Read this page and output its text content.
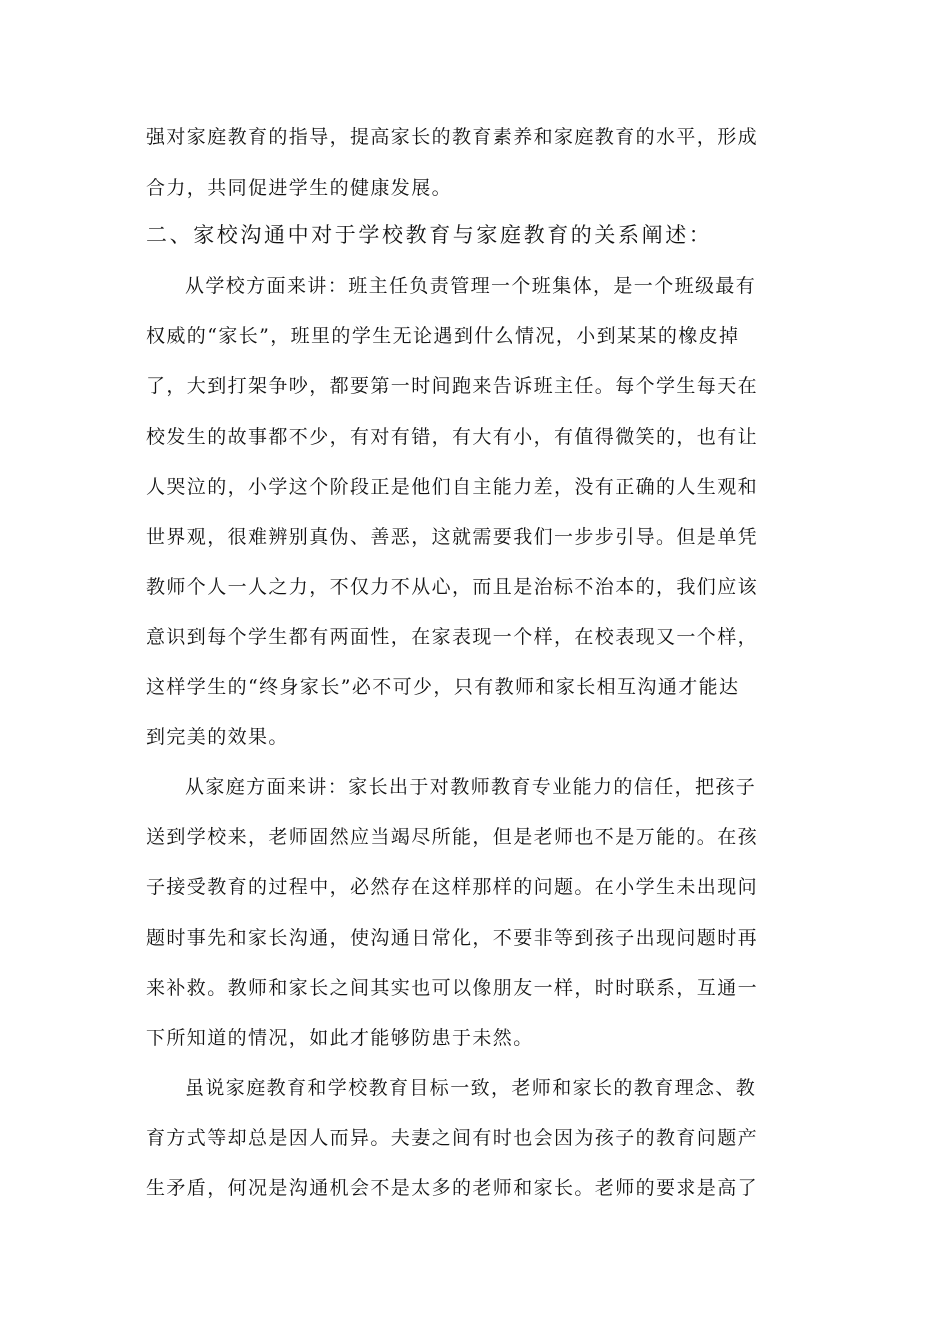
强对家庭教育的指导，提高家长的教育素养和家庭教育的水平，形成
合力，共同促进学生的健康发展。
二、家校沟通中对于学校教育与家庭教育的关系阐述：
从学校方面来讲：班主任负责管理一个班集体，是一个班级最有
权威的“家长”，班里的学生无论遇到什么情况，小到某某的橡皮掉
了，大到打架争吵，都要第一时间跑来告诉班主任。每个学生每天在
校发生的故事都不少，有对有错，有大有小，有值得微笑的，也有让
人哭泣的，小学这个阶段正是他们自主能力差，没有正确的人生观和
世界观，很难辨别真伪、善恶，这就需要我们一步步引导。但是单凭
教师个人一人之力，不仅力不从心，而且是治标不治本的，我们应该
意识到每个学生都有两面性，在家表现一个样，在校表现又一个样，
这样学生的“终身家长”必不可少，只有教师和家长相互沟通才能达
到完美的效果。
从家庭方面来讲：家长出于对教师教育专业能力的信任，把孩子
送到学校来，老师固然应当竭尽所能，但是老师也不是万能的。在孩
子接受教育的过程中，必然存在这样那样的问题。在小学生未出现问
题时事先和家长沟通，使沟通日常化，不要非等到孩子出现问题时再
来补救。教师和家长之间其实也可以像朋友一样，时时联系，互通一
下所知道的情况，如此才能够防患于未然。
虽说家庭教育和学校教育目标一致，老师和家长的教育理念、教
育方式等却总是因人而异。夫妻之间有时也会因为孩子的教育问题产
生矛盾，何况是沟通机会不是太多的老师和家长。老师的要求是高了
